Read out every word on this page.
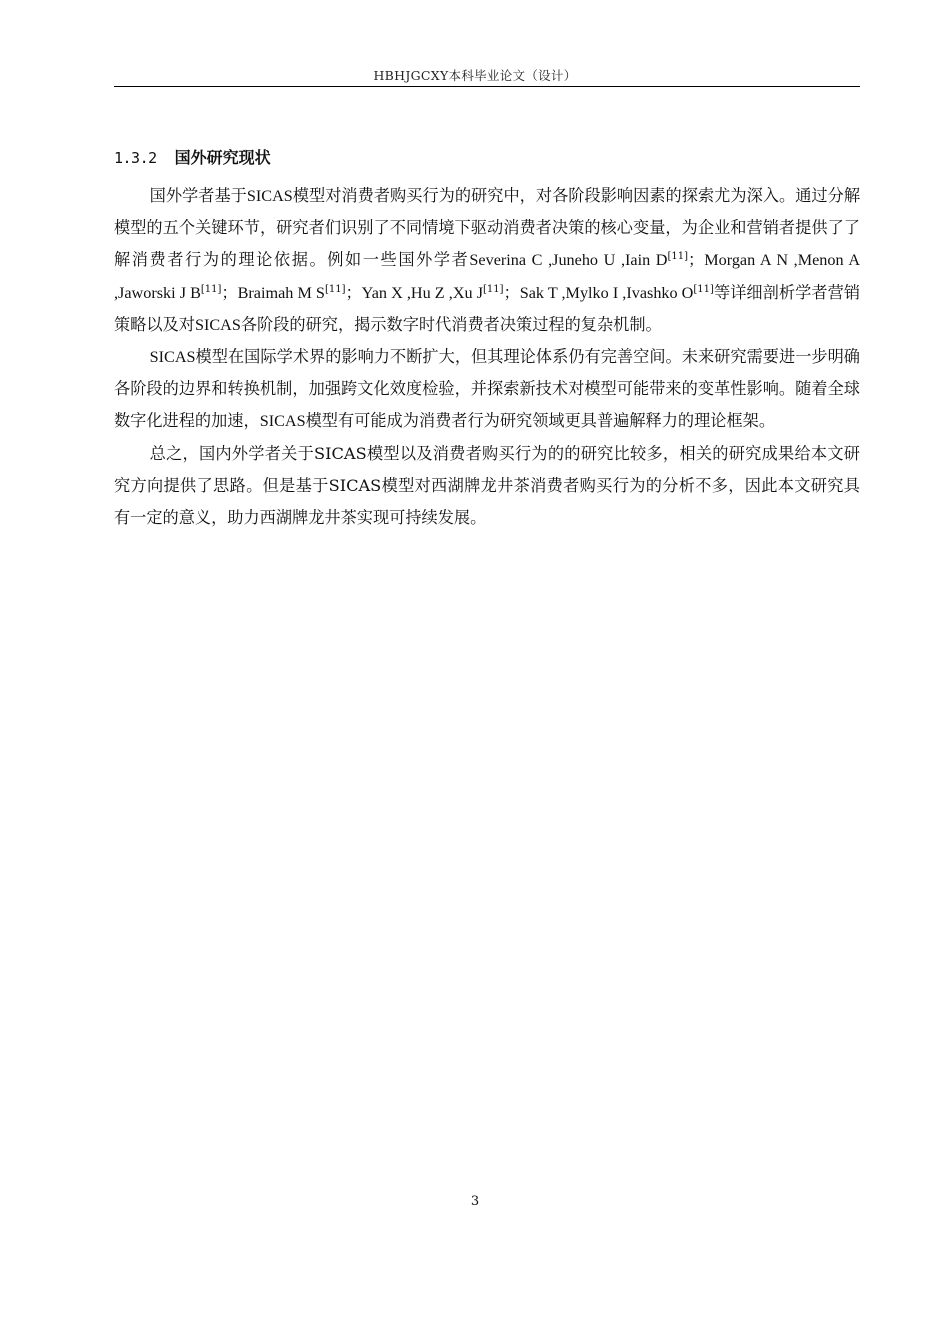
HBHJGCXY本科毕业论文（设计）
1.3.2 国外研究现状

国外学者基于SICAS模型对消费者购买行为的研究中，对各阶段影响因素的探索尤为深入。通过分解模型的五个关键环节，研究者们识别了不同情境下驱动消费者决策的核心变量，为企业和营销者提供了了解消费者行为的理论依据。例如一些国外学者Severina C ,Juneho U ,Iain D[11]；Morgan A N ,Menon A ,Jaworski J B[11]；Braimah M S[11]；Yan X ,Hu Z ,Xu J[11]；Sak T ,Mylko I ,Ivashko O[11]等详细剖析学者营销策略以及对SICAS各阶段的研究，揭示数字时代消费者决策过程的复杂机制。

SICAS模型在国际学术界的影响力不断扩大，但其理论体系仍有完善空间。未来研究需要进一步明确各阶段的边界和转换机制，加强跨文化效度检验，并探索新技术对模型可能带来的变革性影响。随着全球数字化进程的加速，SICAS模型有可能成为消费者行为研究领域更具普遍解释力的理论框架。

总之，国内外学者关于SICAS模型以及消费者购买行为的的研究比较多，相关的研究成果给本文研究方向提供了思路。但是基于SICAS模型对西湖牌龙井茶消费者购买行为的分析不多，因此本文研究具有一定的意义，助力西湖牌龙井茶实现可持续发展。

3
